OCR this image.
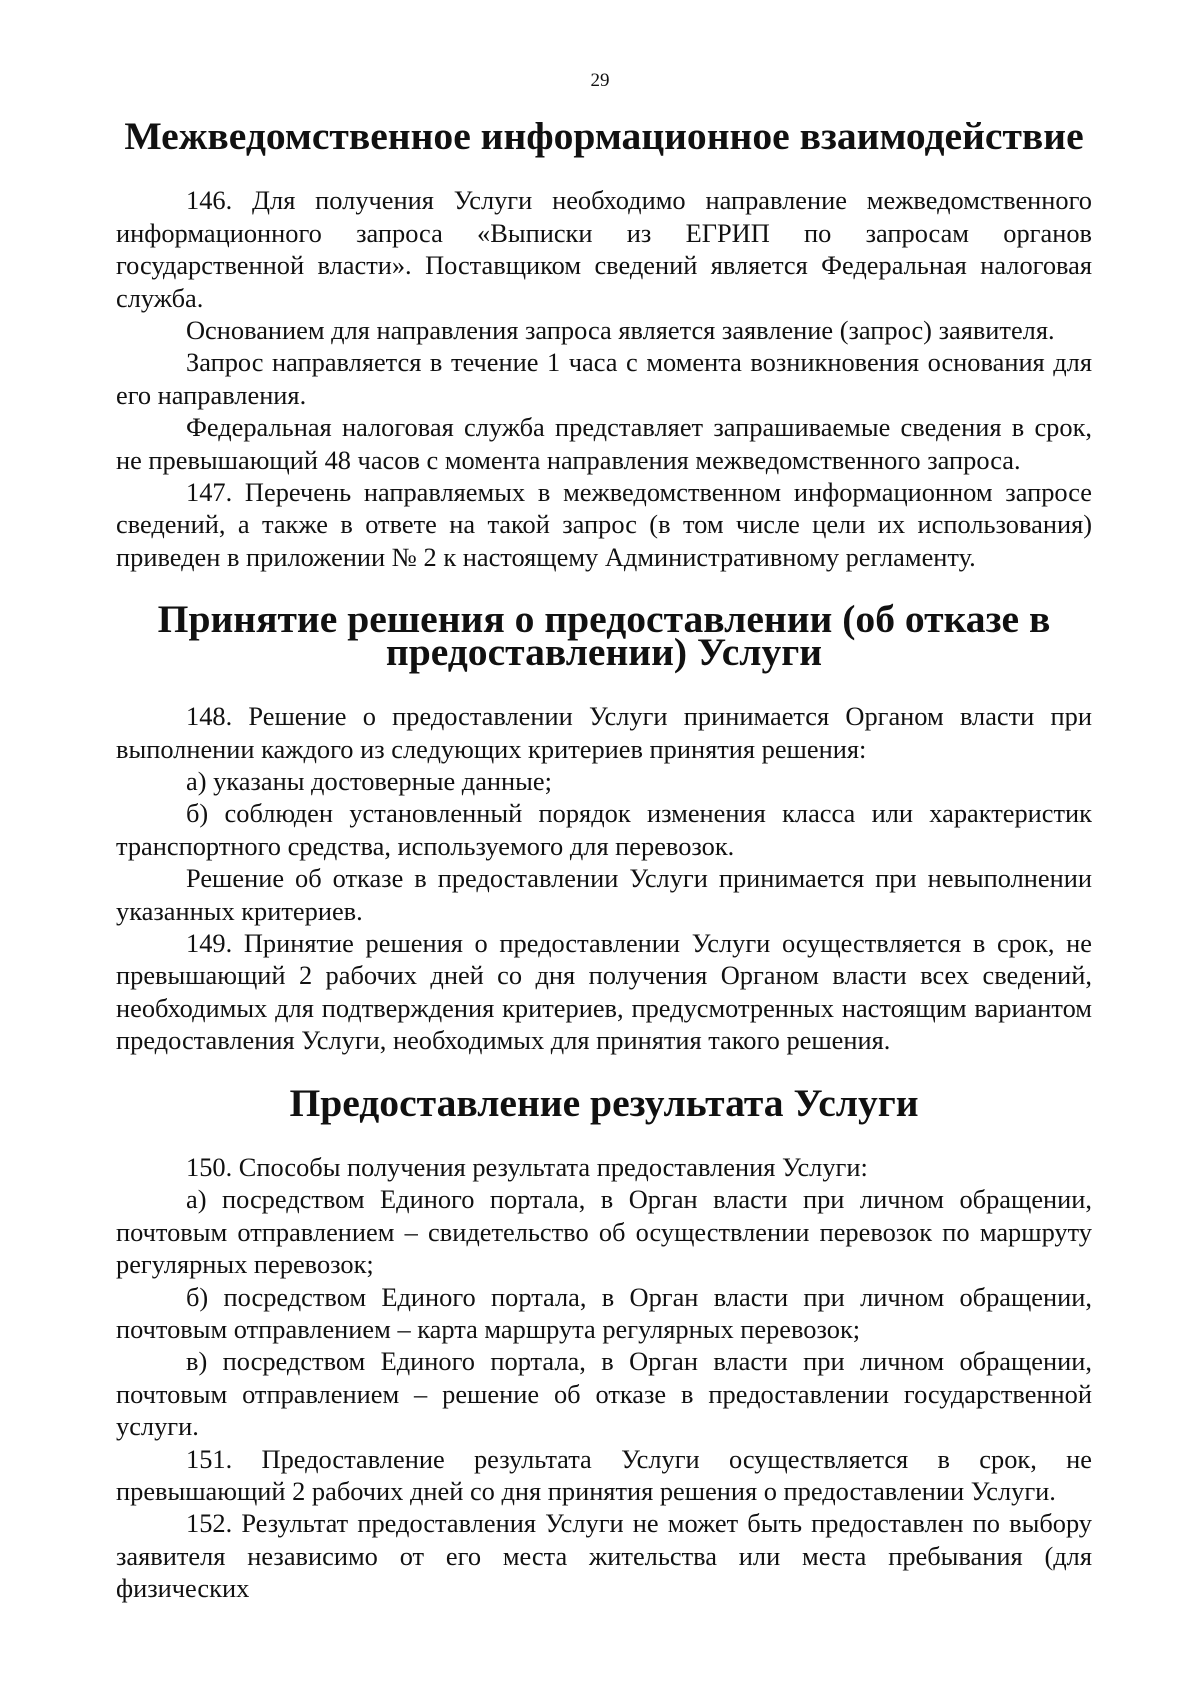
29
Межведомственное информационное взаимодействие

146. Для получения Услуги необходимо направление межведомственного информационного запроса «Выписки из ЕГРИП по запросам органов государственной власти». Поставщиком сведений является Федеральная налоговая служба.

Основанием для направления запроса является заявление (запрос) заявителя.

Запрос направляется в течение 1 часа с момента возникновения основания для его направления.

Федеральная налоговая служба представляет запрашиваемые сведения в срок, не превышающий 48 часов с момента направления межведомственного запроса.

147. Перечень направляемых в межведомственном информационном запросе сведений, а также в ответе на такой запрос (в том числе цели их использования) приведен в приложении № 2 к настоящему Административному регламенту.

Принятие решения о предоставлении (об отказе в предоставлении) Услуги

148. Решение о предоставлении Услуги принимается Органом власти при выполнении каждого из следующих критериев принятия решения:

а) указаны достоверные данные;

б) соблюден установленный порядок изменения класса или характеристик транспортного средства, используемого для перевозок.

Решение об отказе в предоставлении Услуги принимается при невыполнении указанных критериев.

149. Принятие решения о предоставлении Услуги осуществляется в срок, не превышающий 2 рабочих дней со дня получения Органом власти всех сведений, необходимых для подтверждения критериев, предусмотренных настоящим вариантом предоставления Услуги, необходимых для принятия такого решения.

Предоставление результата Услуги

150. Способы получения результата предоставления Услуги:

а) посредством Единого портала, в Орган власти при личном обращении, почтовым отправлением – свидетельство об осуществлении перевозок по маршруту регулярных перевозок;

б) посредством Единого портала, в Орган власти при личном обращении, почтовым отправлением – карта маршрута регулярных перевозок;

в) посредством Единого портала, в Орган власти при личном обращении, почтовым отправлением – решение об отказе в предоставлении государственной услуги.

151. Предоставление результата Услуги осуществляется в срок, не превышающий 2 рабочих дней со дня принятия решения о предоставлении Услуги.

152. Результат предоставления Услуги не может быть предоставлен по выбору заявителя независимо от его места жительства или места пребывания (для физических
